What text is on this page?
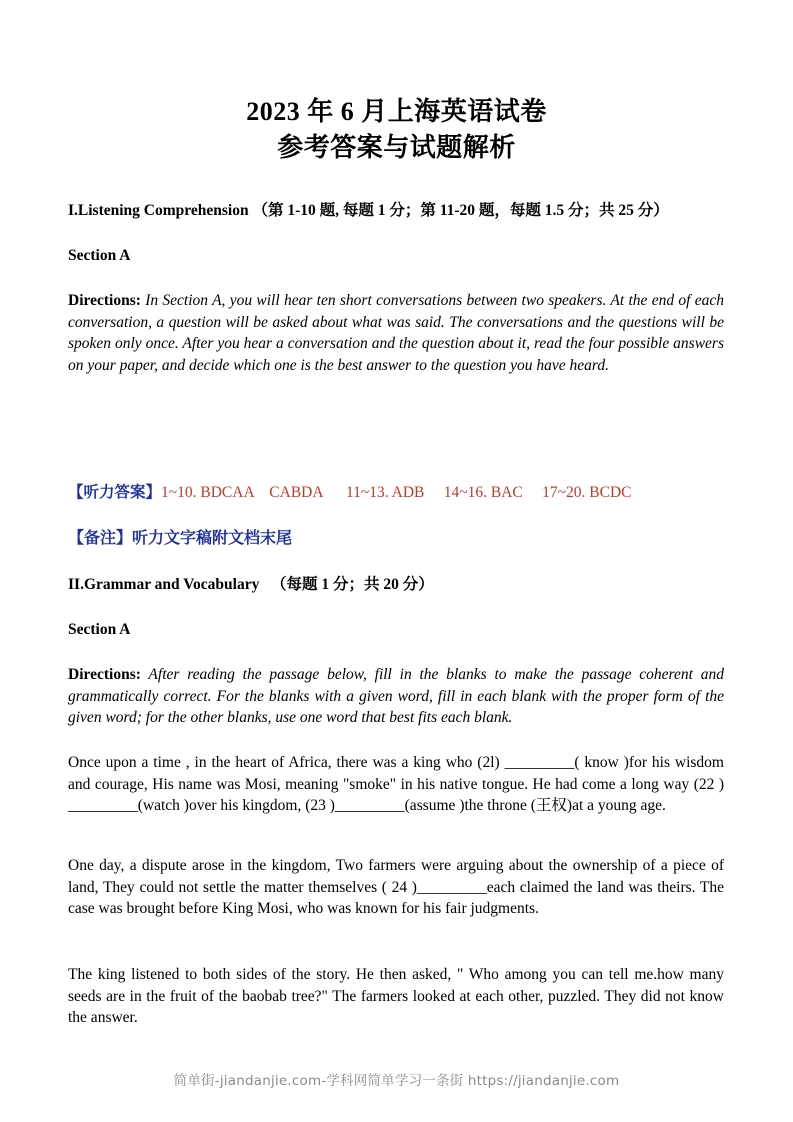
2023 年 6 月上海英语试卷
参考答案与试题解析
I.Listening Comprehension （第 1-10 题, 每题 1 分；第 11-20 题，每题 1.5 分；共 25 分）
Section A
Directions: In Section A, you will hear ten short conversations between two speakers. At the end of each conversation, a question will be asked about what was said. The conversations and the questions will be spoken only once. After you hear a conversation and the question about it, read the four possible answers on your paper, and decide which one is the best answer to the question you have heard.
【听力答案】1~10. BDCAA    CABDA      11~13. ADB     14~16. BAC     17~20. BCDC
【备注】听力文字稿附文档末尾
II.Grammar and Vocabulary   （每题 1 分；共 20 分）
Section A
Directions: After reading the passage below, fill in the blanks to make the passage coherent and grammatically correct. For the blanks with a given word, fill in each blank with the proper form of the given word; for the other blanks, use one word that best fits each blank.
Once upon a time , in the heart of Africa, there was a king who (2l) _________( know )for his wisdom and courage, His name was Mosi, meaning "smoke" in his native tongue. He had come a long way (22 ) _________(watch )over his kingdom, (23 )_________(assume )the throne (王权)at a young age.
One day, a dispute arose in the kingdom, Two farmers were arguing about the ownership of a piece of land, They could not settle the matter themselves ( 24 )_________each claimed the land was theirs. The case was brought before King Mosi, who was known for his fair judgments.
The king listened to both sides of the story. He then asked, " Who among you can tell me.how many seeds are in the fruit of the baobab tree?" The farmers looked at each other, puzzled. They did not know the answer.
简单街-jiandanjie.com-学科网简单学习一条街 https://jiandanjie.com
